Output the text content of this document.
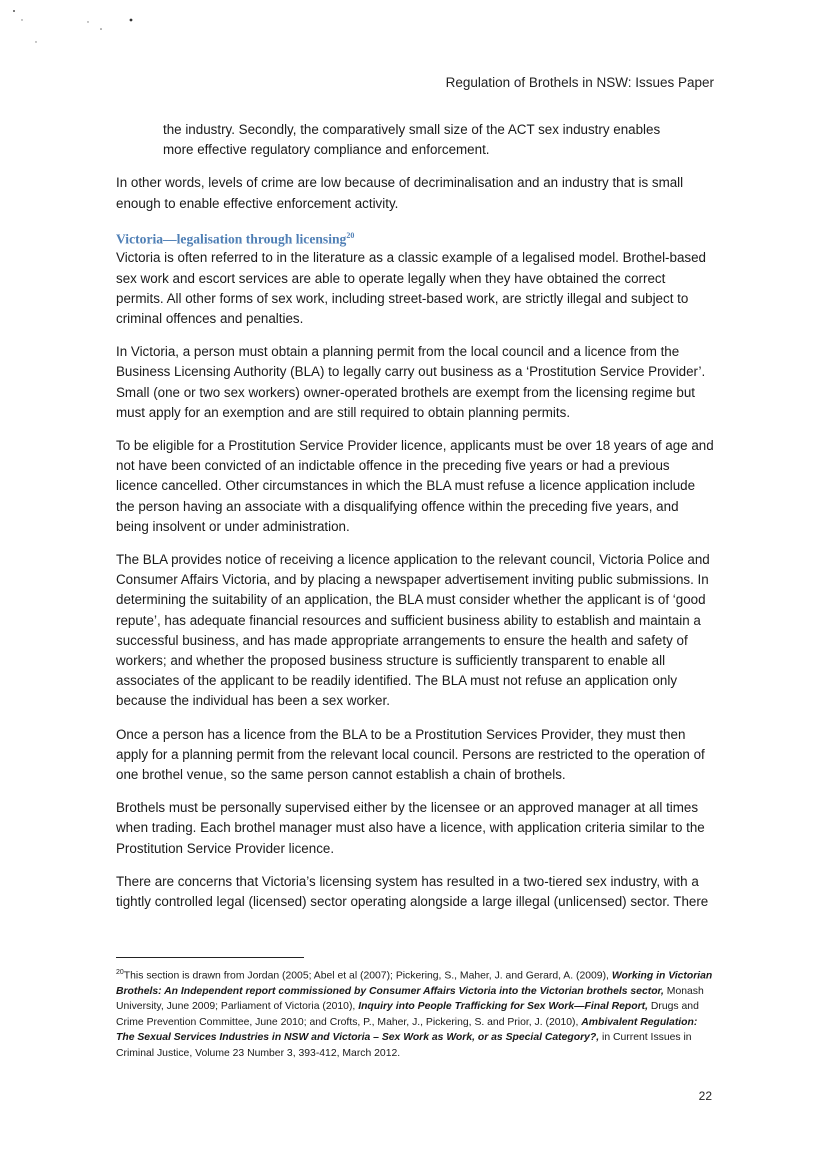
Regulation of Brothels in NSW: Issues Paper

the industry. Secondly, the comparatively small size of the ACT sex industry enables more effective regulatory compliance and enforcement.

In other words, levels of crime are low because of decriminalisation and an industry that is small enough to enable effective enforcement activity.

Victoria—legalisation through licensing$^{20}$

Victoria is often referred to in the literature as a classic example of a legalised model. Brothel-based sex work and escort services are able to operate legally when they have obtained the correct permits. All other forms of sex work, including street-based work, are strictly illegal and subject to criminal offences and penalties.

In Victoria, a person must obtain a planning permit from the local council and a licence from the Business Licensing Authority (BLA) to legally carry out business as a ‘Prostitution Service Provider’. Small (one or two sex workers) owner-operated brothels are exempt from the licensing regime but must apply for an exemption and are still required to obtain planning permits.

To be eligible for a Prostitution Service Provider licence, applicants must be over 18 years of age and not have been convicted of an indictable offence in the preceding five years or had a previous licence cancelled. Other circumstances in which the BLA must refuse a licence application include the person having an associate with a disqualifying offence within the preceding five years, and being insolvent or under administration.

The BLA provides notice of receiving a licence application to the relevant council, Victoria Police and Consumer Affairs Victoria, and by placing a newspaper advertisement inviting public submissions. In determining the suitability of an application, the BLA must consider whether the applicant is of ‘good repute’, has adequate financial resources and sufficient business ability to establish and maintain a successful business, and has made appropriate arrangements to ensure the health and safety of workers; and whether the proposed business structure is sufficiently transparent to enable all associates of the applicant to be readily identified. The BLA must not refuse an application only because the individual has been a sex worker.

Once a person has a licence from the BLA to be a Prostitution Services Provider, they must then apply for a planning permit from the relevant local council. Persons are restricted to the operation of one brothel venue, so the same person cannot establish a chain of brothels.

Brothels must be personally supervised either by the licensee or an approved manager at all times when trading. Each brothel manager must also have a licence, with application criteria similar to the Prostitution Service Provider licence.

There are concerns that Victoria’s licensing system has resulted in a two-tiered sex industry, with a tightly controlled legal (licensed) sector operating alongside a large illegal (unlicensed) sector. There

$^{20}$This section is drawn from Jordan (2005; Abel et al (2007); Pickering, S., Maher, J. and Gerard, A. (2009), Working in Victorian Brothels: An Independent report commissioned by Consumer Affairs Victoria into the Victorian brothels sector, Monash University, June 2009; Parliament of Victoria (2010), Inquiry into People Trafficking for Sex Work—Final Report, Drugs and Crime Prevention Committee, June 2010; and Crofts, P., Maher, J., Pickering, S. and Prior, J. (2010), Ambivalent Regulation: The Sexual Services Industries in NSW and Victoria – Sex Work as Work, or as Special Category?, in Current Issues in Criminal Justice, Volume 23 Number 3, 393-412, March 2012.
22
